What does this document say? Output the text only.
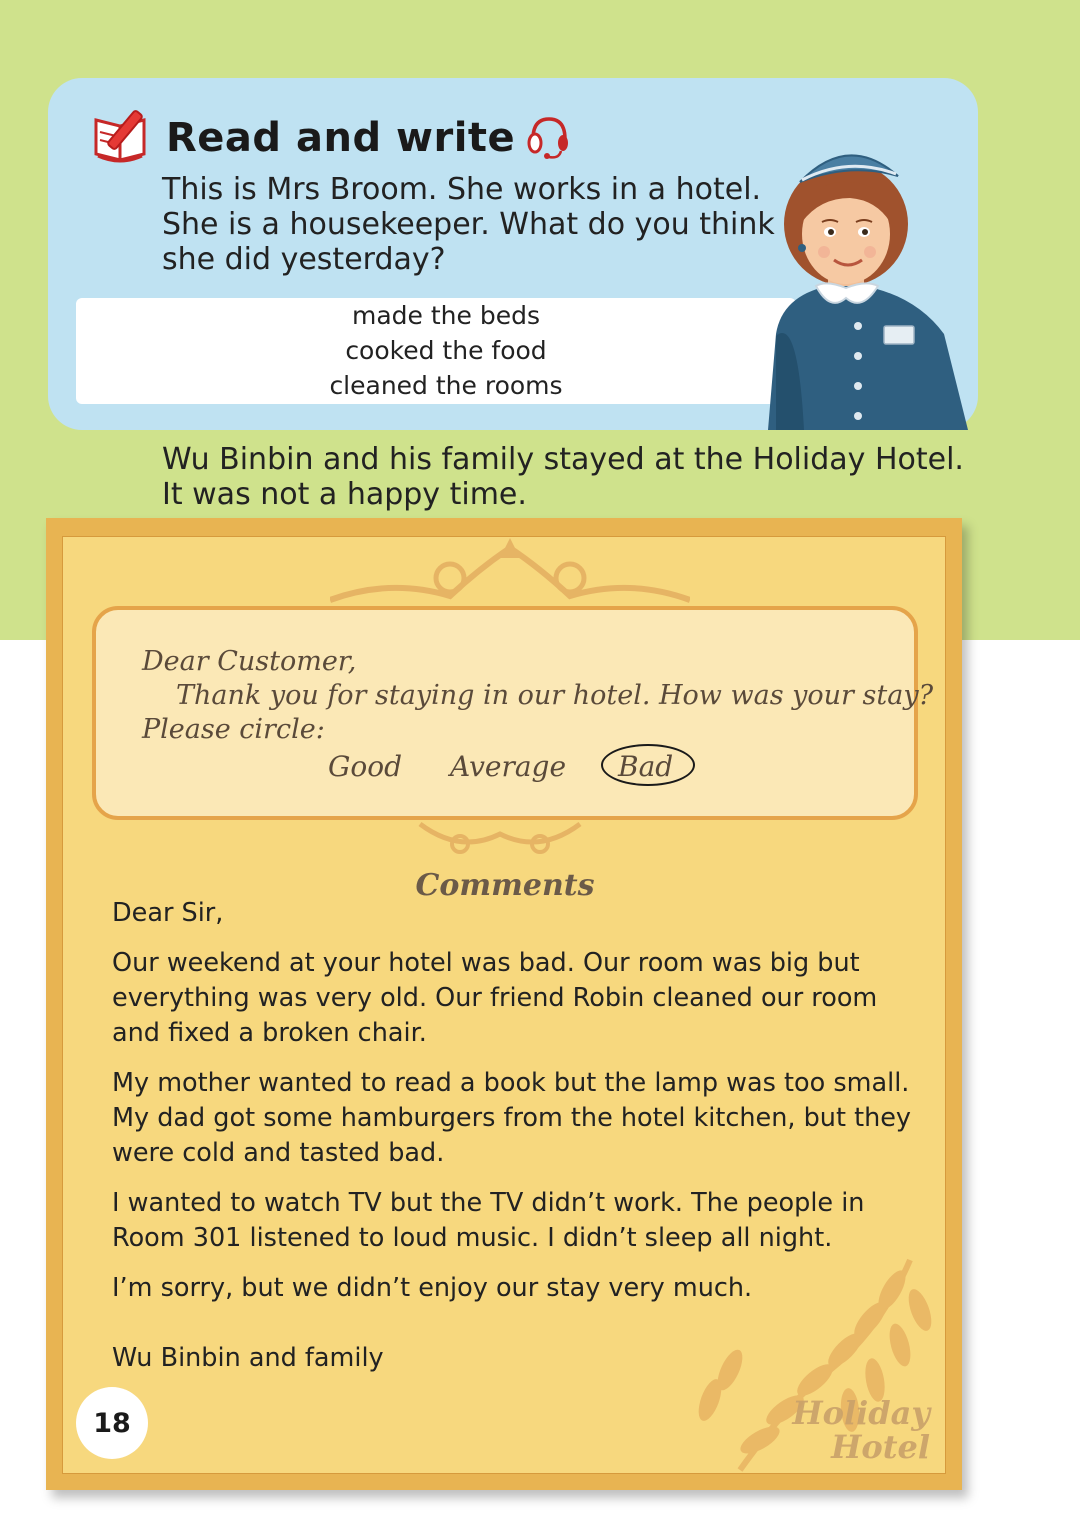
Read and write

This is Mrs Broom. She works in a hotel.

She is a housekeeper. What do you think

she did yesterday?

made the beds
cooked the food
cleaned the rooms

Wu Binbin and his family stayed at the Holiday Hotel.

It was not a happy time.

Dear Customer,
Thank you for staying in our hotel. How was your stay?
Please circle:
Good Average Bad
Comments

Dear Sir,

Our weekend at your hotel was bad. Our room was big but everything was very old. Our friend Robin cleaned our room and fixed a broken chair.

My mother wanted to read a book but the lamp was too small. My dad got some hamburgers from the hotel kitchen, but they were cold and tasted bad.

I wanted to watch TV but the TV didn’t work. The people in Room 301 listened to loud music. I didn’t sleep all night.

I’m sorry, but we didn’t enjoy our stay very much.

Wu Binbin and family

Holiday
Hotel
18
